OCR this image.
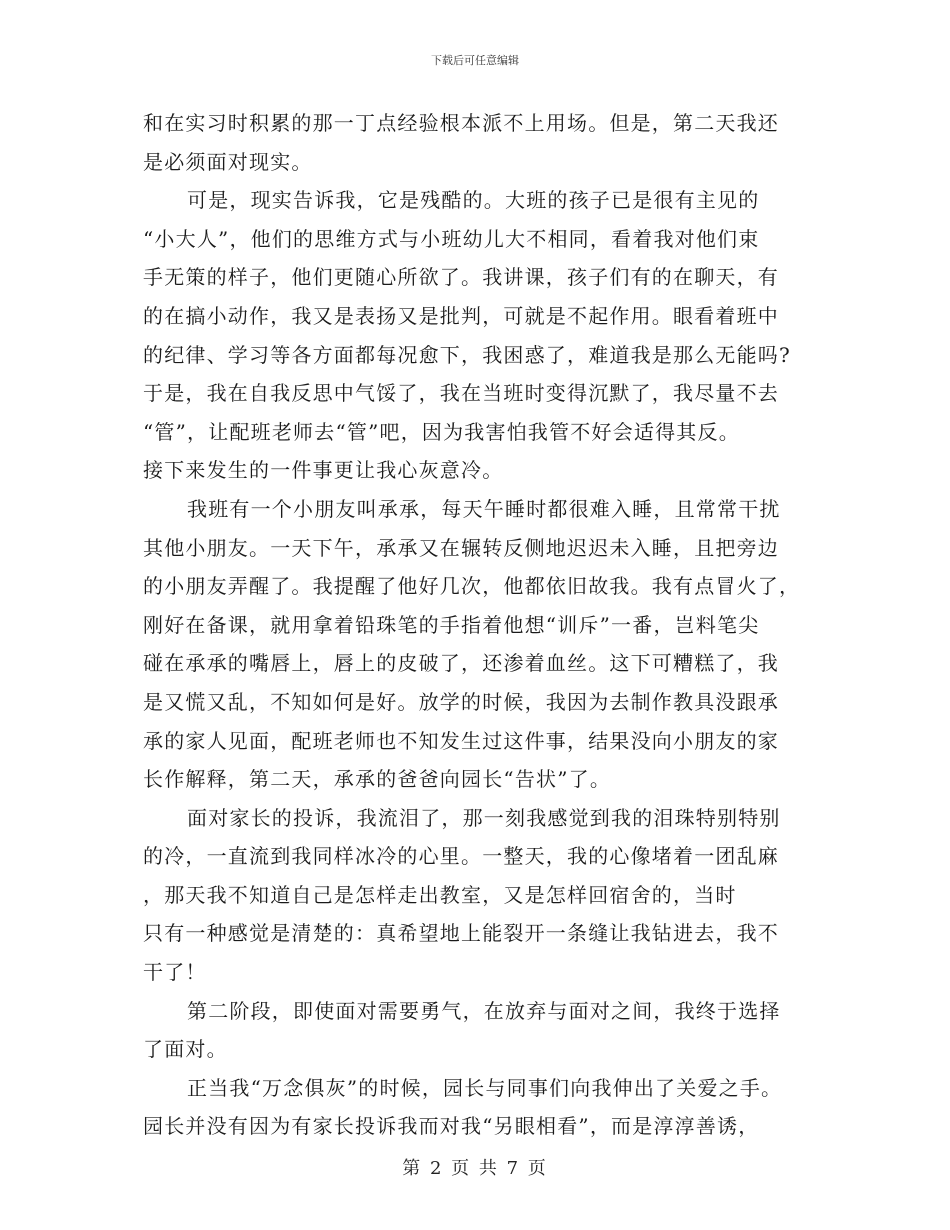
下载后可任意编辑
和在实习时积累的那一丁点经验根本派不上用场。但是，第二天我还
是必须面对现实。
可是，现实告诉我，它是残酷的。大班的孩子已是很有主见的
“小大人”，他们的思维方式与小班幼儿大不相同，看着我对他们束
手无策的样子，他们更随心所欲了。我讲课，孩子们有的在聊天，有
的在搞小动作，我又是表扬又是批判，可就是不起作用。眼看着班中
的纪律、学习等各方面都每况愈下，我困惑了，难道我是那么无能吗?
于是，我在自我反思中气馁了，我在当班时变得沉默了，我尽量不去
“管”，让配班老师去“管”吧，因为我害怕我管不好会适得其反。
接下来发生的一件事更让我心灰意冷。
我班有一个小朋友叫承承，每天午睡时都很难入睡，且常常干扰
其他小朋友。一天下午，承承又在辗转反侧地迟迟未入睡，且把旁边
的小朋友弄醒了。我提醒了他好几次，他都依旧故我。我有点冒火了，
刚好在备课，就用拿着铅珠笔的手指着他想“训斥”一番，岂料笔尖
碰在承承的嘴唇上，唇上的皮破了，还渗着血丝。这下可糟糕了，我
是又慌又乱，不知如何是好。放学的时候，我因为去制作教具没跟承
承的家人见面，配班老师也不知发生过这件事，结果没向小朋友的家
长作解释，第二天，承承的爸爸向园长“告状”了。
面对家长的投诉，我流泪了，那一刻我感觉到我的泪珠特别特别
的冷，一直流到我同样冰冷的心里。一整天，我的心像堵着一团乱麻
，那天我不知道自己是怎样走出教室，又是怎样回宿舍的，当时
只有一种感觉是清楚的：真希望地上能裂开一条缝让我钻进去，我不
干了！
第二阶段，即使面对需要勇气，在放弃与面对之间，我终于选择
了面对。
正当我“万念俱灰”的时候，园长与同事们向我伸出了关爱之手。
园长并没有因为有家长投诉我而对我“另眼相看”，而是淳淳善诱，
第 2 页 共 7 页
